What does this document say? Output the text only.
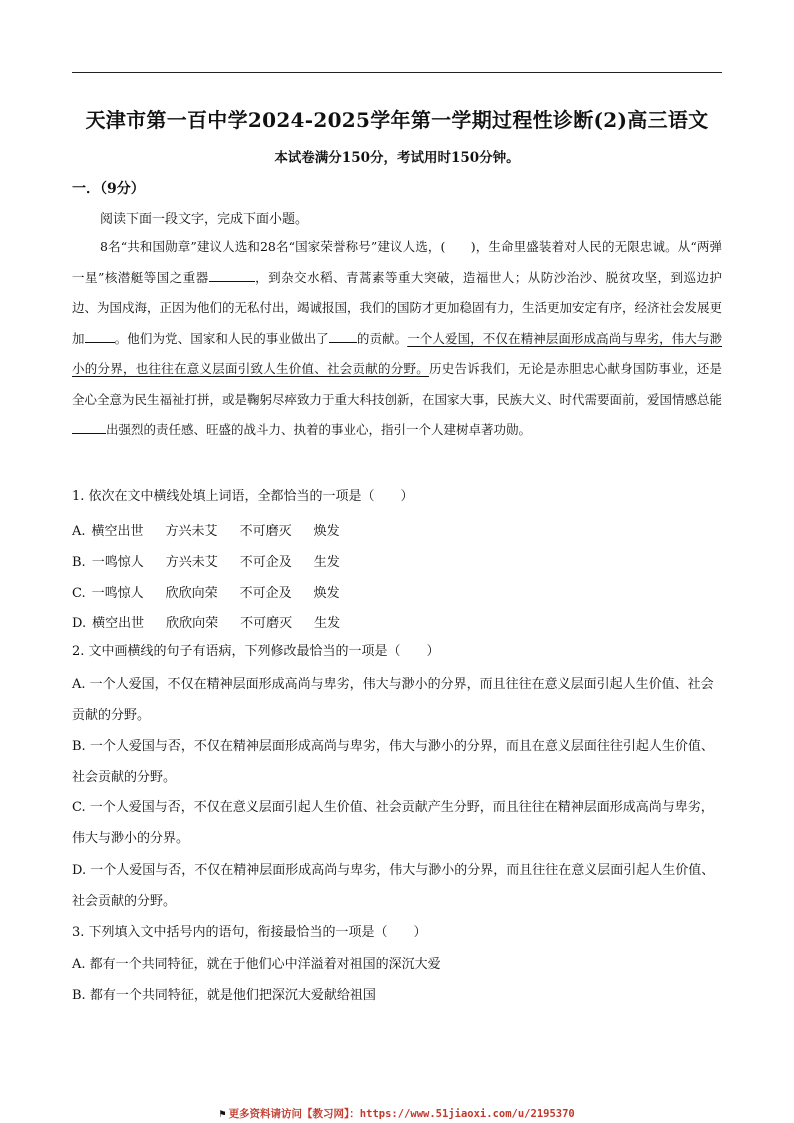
天津市第一百中学2024-2025学年第一学期过程性诊断(2)高三语文
本试卷满分150分，考试用时150分钟。
一．（9分）
阅读下面一段文字，完成下面小题。
8名“共和国勋章”建议人选和28名“国家荣誉称号”建议人选，(　　)，生命里盛装着对人民的无限忠诚。从“两弹一星”核潜艇等国之重器	，到杂交水稻、青蒿素等重大突破，造福世人；从防沙治沙、脱贫攻坚，到巡边护边、为国戍海，正因为他们的无私付出，竭诚报国，我们的国防才更加稳固有力，生活更加安定有序，经济社会发展更加 。他们为党、国家和人民的事业做出了 的贡献。一个人爱国，不仅在精神层面形成高尚与卑劣，伟大与渺小的分界，也往往在意义层面引致人生价值、社会贡献的分野。历史告诉我们，无论是赤胆忠心献身国防事业，还是全心全意为民生福祉打拼，或是鞠躬尽瘁致力于重大科技创新，在国家大事，民族大义、时代需要面前，爱国情感总能出强烈的责任感、旺盛的战斗力、执着的事业心，指引一个人建树卓著功勋。
1. 依次在文中横线处填上词语，全都恰当的一项是（　　）
A. 横空出世 方兴未艾 不可磨灭 焕发
B. 一鸣惊人 方兴未艾 不可企及 生发
C. 一鸣惊人 欣欣向荣 不可企及 焕发
D. 横空出世 欣欣向荣 不可磨灭 生发
2. 文中画横线的句子有语病，下列修改最恰当的一项是（　　）
A. 一个人爱国，不仅在精神层面形成高尚与卑劣，伟大与渺小的分界，而且往往在意义层面引起人生价值、社会贡献的分野。
B. 一个人爱国与否，不仅在精神层面形成高尚与卑劣，伟大与渺小的分界，而且在意义层面往往引起人生价值、社会贡献的分野。
C. 一个人爱国与否，不仅在意义层面引起人生价值、社会贡献产生分野，而且往往在精神层面形成高尚与卑劣，伟大与渺小的分界。
D. 一个人爱国与否，不仅在精神层面形成高尚与卑劣，伟大与渺小的分界，而且往往在意义层面引起人生价值、社会贡献的分野。
3. 下列填入文中括号内的语句，衔接最恰当的一项是（　　）
A. 都有一个共同特征，就在于他们心中洋溢着对祖国的深沉大爱
B. 都有一个共同特征，就是他们把深沉大爱献给祖国
⚑ 更多资料请访问【教习网】：https://www.51jiaoxi.com/u/2195370
